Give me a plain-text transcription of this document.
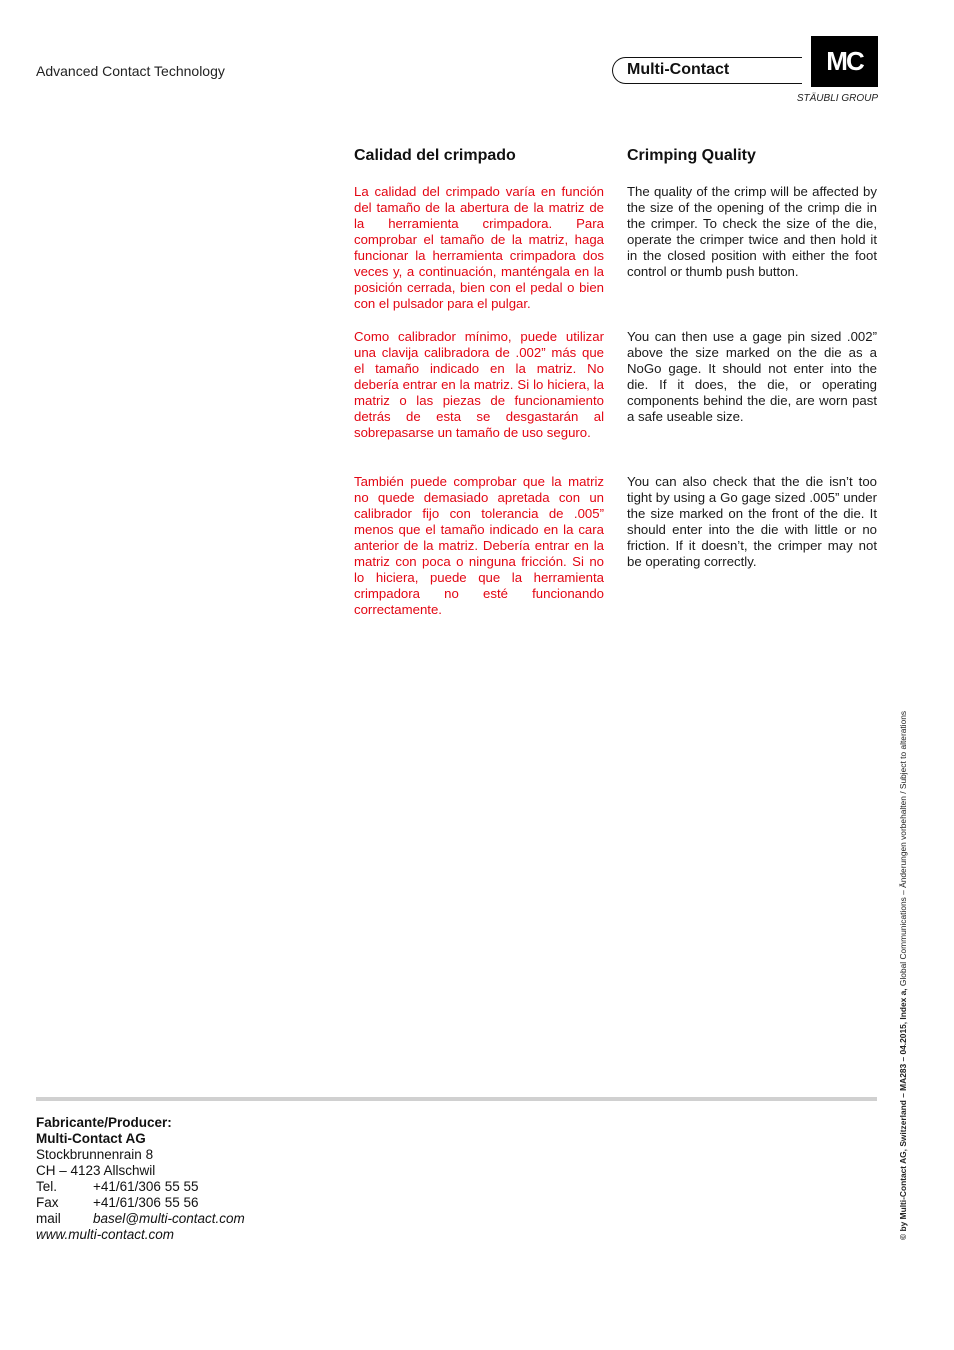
Advanced Contact Technology	Multi-Contact	MC
STÄUBLI GROUP
Calidad del crimpado

La calidad del crimpado varía en función del tamaño de la abertura de la matriz de la herramienta crimpadora. Para comprobar el tamaño de la matriz, haga funcionar la herramienta crimpadora dos veces y, a continuación, manténgala en la posición cerrada, bien con el pedal o bien con el pulsador para el pulgar.

Como calibrador mínimo, puede utilizar una clavija calibradora de .002” más que el tamaño indicado en la matriz. No debería entrar en la matriz. Si lo hiciera, la matriz o las piezas de funcionamiento detrás de esta se desgastarán al sobrepasarse un tamaño de uso seguro.

También puede comprobar que la matriz no quede demasiado apretada con un calibrador fijo con tolerancia de .005” menos que el tamaño indicado en la cara anterior de la matriz. Debería entrar en la matriz con poca o ninguna fricción. Si no lo hiciera, puede que la herramienta crimpadora no esté funcionando correctamente.

Crimping Quality

The quality of the crimp will be affected by the size of the opening of the crimp die in the crimper. To check the size of the die, operate the crimper twice and then hold it in the closed position with either the foot control or thumb push button.

You can then use a gage pin sized .002” above the size marked on the die as a NoGo gage. It should not enter into the die. If it does, the die, or operating components behind the die, are worn past a safe useable size.

You can also check that the die isn’t too tight by using a Go gage sized .005” under the size marked on the front of the die. It should enter into the die with little or no friction. If it doesn’t, the crimper may not be operating correctly.

Fabricante/Producer:
Multi-Contact AG
Stockbrunnenrain 8
CH – 4123 Allschwil
Tel.	+41/61/306 55 55
Fax	+41/61/306 55 56
mail	basel@multi-contact.com
www.multi-contact.com	© by Multi-Contact AG, Switzerland – MA283 – 04.2015, Index a, Global Communications – Änderungen vorbehalten / Subject to alterations
